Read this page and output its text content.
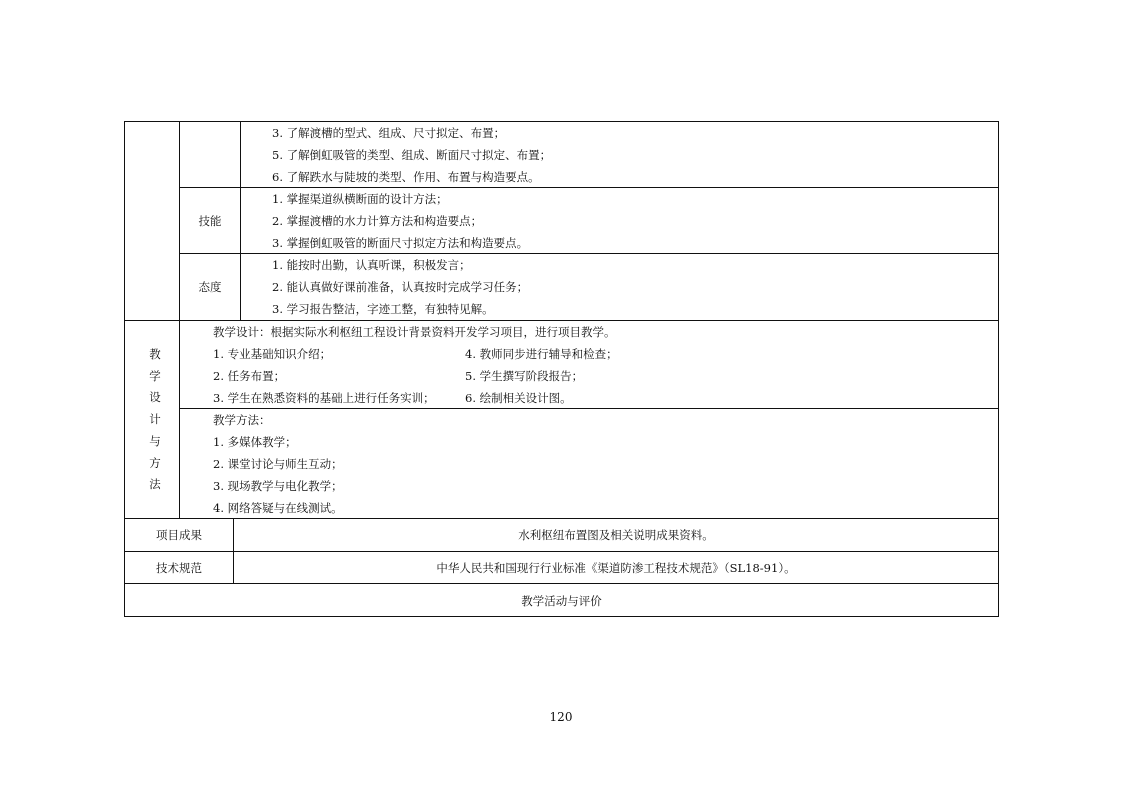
3. 了解渡槽的型式、组成、尺寸拟定、布置；
5. 了解倒虹吸管的类型、组成、断面尺寸拟定、布置；
6. 了解跌水与陡坡的类型、作用、布置与构造要点。
技能
1. 掌握渠道纵横断面的设计方法；
2. 掌握渡槽的水力计算方法和构造要点；
3. 掌握倒虹吸管的断面尺寸拟定方法和构造要点。
态度
1. 能按时出勤，认真听课，积极发言；
2. 能认真做好课前准备，认真按时完成学习任务；
3. 学习报告整洁，字迹工整，有独特见解。
教
学
设
计
与
方
法
教学设计：根据实际水利枢纽工程设计背景资料开发学习项目，进行项目教学。
1. 专业基础知识介绍；
2. 任务布置；
3. 学生在熟悉资料的基础上进行任务实训；
4. 教师同步进行辅导和检查；
5. 学生撰写阶段报告；
6. 绘制相关设计图。
教学方法：
1. 多媒体教学；
2. 课堂讨论与师生互动；
3. 现场教学与电化教学；
4. 网络答疑与在线测试。
项目成果	水利枢纽布置图及相关说明成果资料。
技术规范	中华人民共和国现行行业标准《渠道防渗工程技术规范》（SL18-91）。
教学活动与评价
120
